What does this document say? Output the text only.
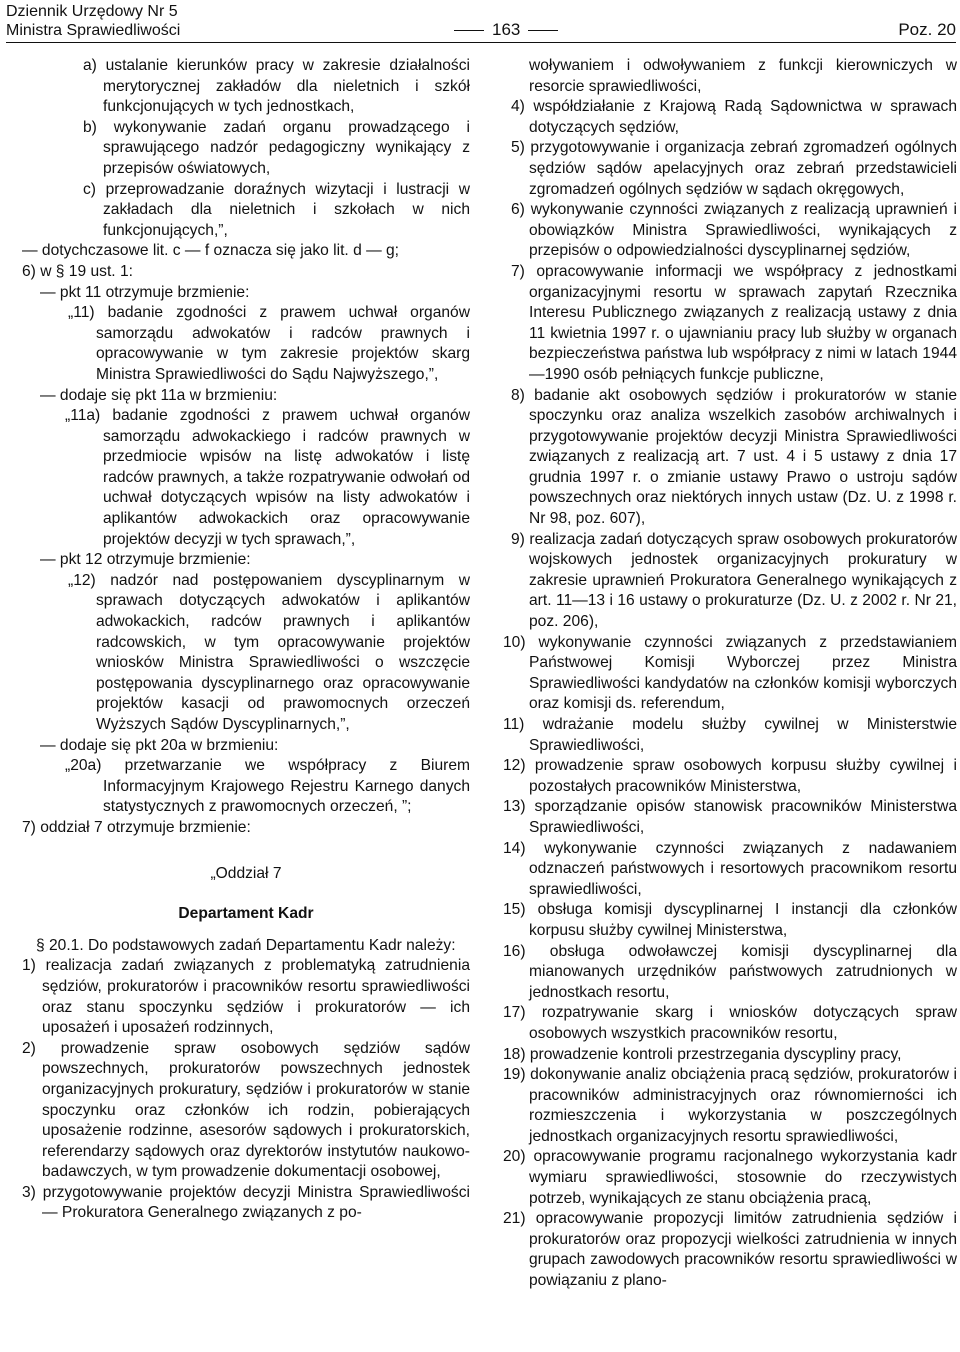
Dziennik Urzędowy Nr 5
Ministra Sprawiedliwości	163	Poz. 20

a) ustalanie kierunków pracy w zakresie działalności merytorycznej zakładów dla nieletnich i szkół funkcjonujących w tych jednostkach,

b) wykonywanie zadań organu prowadzącego i sprawującego nadzór pedagogiczny wynikający z przepisów oświatowych,

c) przeprowadzanie doraźnych wizytacji i lustracji w zakładach dla nieletnich i szkołach w nich funkcjonujących,”,

— dotychczasowe lit. c — f oznacza się jako lit. d — g;

6) w § 19 ust. 1:

— pkt 11 otrzymuje brzmienie:

„11) badanie zgodności z prawem uchwał organów samorządu adwokatów i radców prawnych i opracowywanie w tym zakresie projektów skarg Ministra Sprawiedliwości do Sądu Najwyższego,”,

— dodaje się pkt 11a w brzmieniu:

„11a) badanie zgodności z prawem uchwał organów samorządu adwokackiego i radców prawnych w przedmiocie wpisów na listę adwokatów i listę radców prawnych, a także rozpatrywanie odwołań od uchwał dotyczących wpisów na listy adwokatów i aplikantów adwokackich oraz opracowywanie projektów decyzji w tych sprawach,”,

— pkt 12 otrzymuje brzmienie:

„12) nadzór nad postępowaniem dyscyplinarnym w sprawach dotyczących adwokatów i aplikantów adwokackich, radców prawnych i aplikantów radcowskich, w tym opracowywanie projektów wniosków Ministra Sprawiedliwości o wszczęcie postępowania dyscyplinarnego oraz opracowywanie projektów kasacji od prawomocnych orzeczeń Wyższych Sądów Dyscyplinarnych,”,

— dodaje się pkt 20a w brzmieniu:

„20a) przetwarzanie we współpracy z Biurem Informacyjnym Krajowego Rejestru Karnego danych statystycznych z prawomocnych orzeczeń, ”;

7) oddział 7 otrzymuje brzmienie:

„Oddział 7

Departament Kadr

§ 20.1. Do podstawowych zadań Departamentu Kadr należy:

1) realizacja zadań związanych z problematyką zatrudnienia sędziów, prokuratorów i pracowników resortu sprawiedliwości oraz stanu spoczynku sędziów i prokuratorów — ich uposażeń i uposażeń rodzinnych,

2) prowadzenie spraw osobowych sędziów sądów powszechnych, prokuratorów powszechnych jednostek organizacyjnych prokuratury, sędziów i prokuratorów w stanie spoczynku oraz członków ich rodzin, pobierających uposażenie rodzinne, asesorów sądowych i prokuratorskich, referendarzy sądowych oraz dyrektorów instytutów naukowo-badawczych, w tym prowadzenie dokumentacji osobowej,

3) przygotowywanie projektów decyzji Ministra Sprawiedliwości — Prokuratora Generalnego związanych z po-

woływaniem i odwoływaniem z funkcji kierowniczych w resorcie sprawiedliwości,

4) współdziałanie z Krajową Radą Sądownictwa w sprawach dotyczących sędziów,

5) przygotowywanie i organizacja zebrań zgromadzeń ogólnych sędziów sądów apelacyjnych oraz zebrań przedstawicieli zgromadzeń ogólnych sędziów w sądach okręgowych,

6) wykonywanie czynności związanych z realizacją uprawnień i obowiązków Ministra Sprawiedliwości, wynikających z przepisów o odpowiedzialności dyscyplinarnej sędziów,

7) opracowywanie informacji we współpracy z jednostkami organizacyjnymi resortu w sprawach zapytań Rzecznika Interesu Publicznego związanych z realizacją ustawy z dnia 11 kwietnia 1997 r. o ujawnianiu pracy lub służby w organach bezpieczeństwa państwa lub współpracy z nimi w latach 1944—1990 osób pełniących funkcje publiczne,

8) badanie akt osobowych sędziów i prokuratorów w stanie spoczynku oraz analiza wszelkich zasobów archiwalnych i przygotowywanie projektów decyzji Ministra Sprawiedliwości związanych z realizacją art. 7 ust. 4 i 5 ustawy z dnia 17 grudnia 1997 r. o zmianie ustawy Prawo o ustroju sądów powszechnych oraz niektórych innych ustaw (Dz. U. z 1998 r. Nr 98, poz. 607),

9) realizacja zadań dotyczących spraw osobowych prokuratorów wojskowych jednostek organizacyjnych prokuratury w zakresie uprawnień Prokuratora Generalnego wynikających z art. 11—13 i 16 ustawy o prokuraturze (Dz. U. z 2002 r. Nr 21, poz. 206),

10) wykonywanie czynności związanych z przedstawianiem Państwowej Komisji Wyborczej przez Ministra Sprawiedliwości kandydatów na członków komisji wyborczych oraz komisji ds. referendum,

11) wdrażanie modelu służby cywilnej w Ministerstwie Sprawiedliwości,

12) prowadzenie spraw osobowych korpusu służby cywilnej i pozostałych pracowników Ministerstwa,

13) sporządzanie opisów stanowisk pracowników Ministerstwa Sprawiedliwości,

14) wykonywanie czynności związanych z nadawaniem odznaczeń państwowych i resortowych pracownikom resortu sprawiedliwości,

15) obsługa komisji dyscyplinarnej I instancji dla członków korpusu służby cywilnej Ministerstwa,

16) obsługa odwoławczej komisji dyscyplinarnej dla mianowanych urzędników państwowych zatrudnionych w jednostkach resortu,

17) rozpatrywanie skarg i wniosków dotyczących spraw osobowych wszystkich pracowników resortu,

18) prowadzenie kontroli przestrzegania dyscypliny pracy,

19) dokonywanie analiz obciążenia pracą sędziów, prokuratorów i pracowników administracyjnych oraz równomierności ich rozmieszczenia i wykorzystania w poszczególnych jednostkach organizacyjnych resortu sprawiedliwości,

20) opracowywanie programu racjonalnego wykorzystania kadr wymiaru sprawiedliwości, stosownie do rzeczywistych potrzeb, wynikających ze stanu obciążenia pracą,

21) opracowywanie propozycji limitów zatrudnienia sędziów i prokuratorów oraz propozycji wielkości zatrudnienia w innych grupach zawodowych pracowników resortu sprawiedliwości w powiązaniu z plano-
